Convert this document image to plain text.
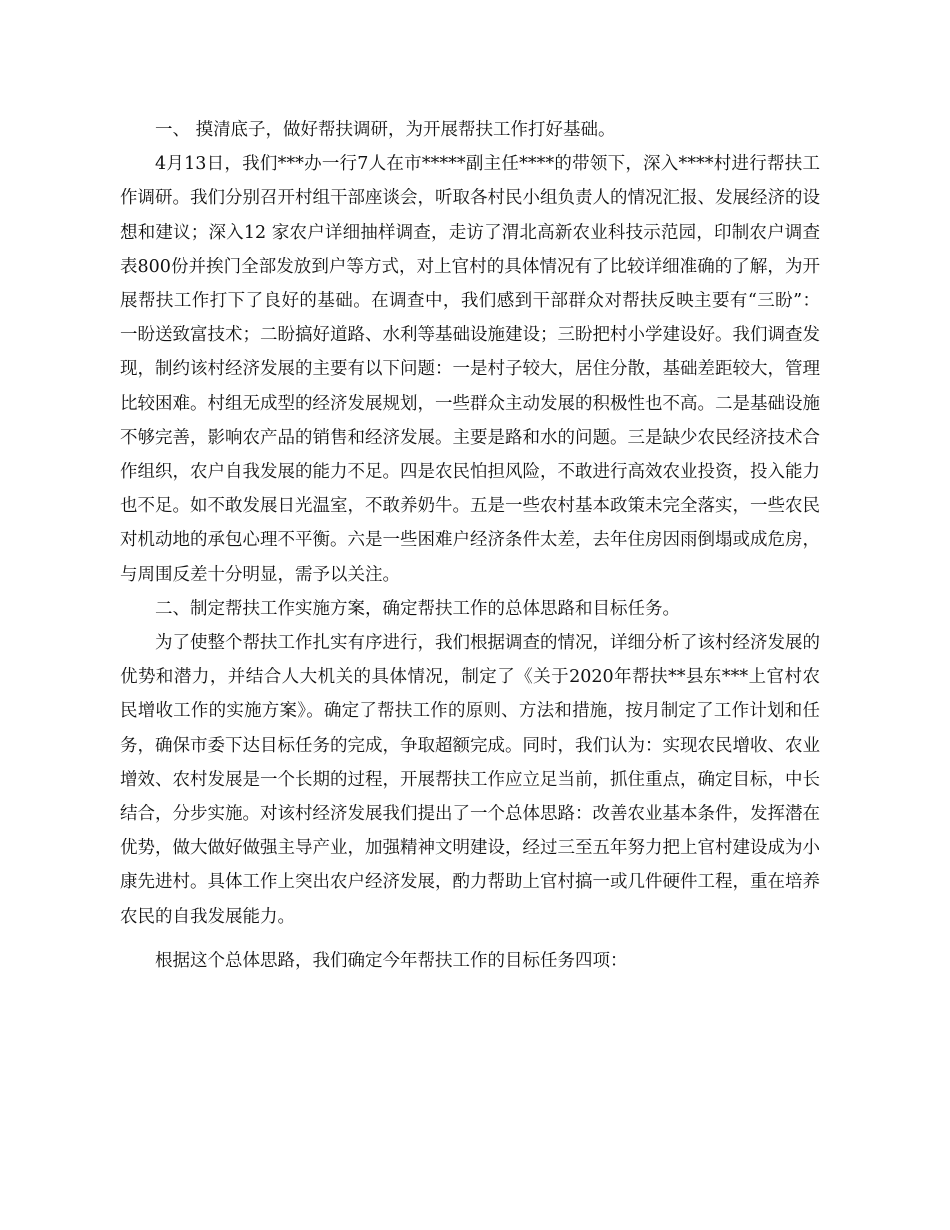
一、 摸清底子，做好帮扶调研，为开展帮扶工作打好基础。

4月13日，我们***办一行7人在市*****副主任****的带领下，深入****村进行帮扶工作调研。我们分别召开村组干部座谈会，听取各村民小组负责人的情况汇报、发展经济的设想和建议；深入12 家农户详细抽样调查，走访了渭北高新农业科技示范园，印制农户调查表800份并挨门全部发放到户等方式，对上官村的具体情况有了比较详细准确的了解，为开展帮扶工作打下了良好的基础。在调查中，我们感到干部群众对帮扶反映主要有“三盼”：一盼送致富技术；二盼搞好道路、水利等基础设施建设；三盼把村小学建设好。我们调查发现，制约该村经济发展的主要有以下问题：一是村子较大，居住分散，基础差距较大，管理比较困难。村组无成型的经济发展规划，一些群众主动发展的积极性也不高。二是基础设施不够完善，影响农产品的销售和经济发展。主要是路和水的问题。三是缺少农民经济技术合作组织，农户自我发展的能力不足。四是农民怕担风险，不敢进行高效农业投资，投入能力也不足。如不敢发展日光温室，不敢养奶牛。五是一些农村基本政策未完全落实，一些农民对机动地的承包心理不平衡。六是一些困难户经济条件太差，去年住房因雨倒塌或成危房，与周围反差十分明显，需予以关注。

二、制定帮扶工作实施方案，确定帮扶工作的总体思路和目标任务。

为了使整个帮扶工作扎实有序进行，我们根据调查的情况，详细分析了该村经济发展的优势和潜力，并结合人大机关的具体情况，制定了《关于2020年帮扶**县东***上官村农民增收工作的实施方案》。确定了帮扶工作的原则、方法和措施，按月制定了工作计划和任务，确保市委下达目标任务的完成，争取超额完成。同时，我们认为：实现农民增收、农业增效、农村发展是一个长期的过程，开展帮扶工作应立足当前，抓住重点，确定目标，中长结合，分步实施。对该村经济发展我们提出了一个总体思路：改善农业基本条件，发挥潜在优势，做大做好做强主导产业，加强精神文明建设，经过三至五年努力把上官村建设成为小康先进村。具体工作上突出农户经济发展，酌力帮助上官村搞一或几件硬件工程，重在培养农民的自我发展能力。

根据这个总体思路，我们确定今年帮扶工作的目标任务四项：
